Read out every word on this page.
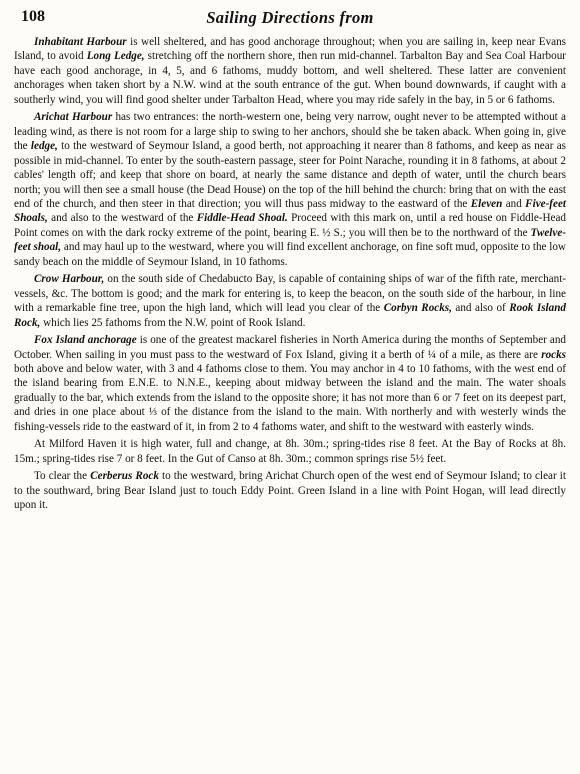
108	Sailing Directions from

Inhabitant Harbour is well sheltered, and has good anchorage throughout; when you are sailing in, keep near Evans Island, to avoid Long Ledge, stretching off the northern shore, then run mid-channel. Tarbalton Bay and Sea Coal Harbour have each good anchorage, in 4, 5, and 6 fathoms, muddy bottom, and well sheltered. These latter are convenient anchorages when taken short by a N.W. wind at the south entrance of the gut. When bound downwards, if caught with a southerly wind, you will find good shelter under Tarbalton Head, where you may ride safely in the bay, in 5 or 6 fathoms.

Arichat Harbour has two entrances: the north-western one, being very narrow, ought never to be attempted without a leading wind, as there is not room for a large ship to swing to her anchors, should she be taken aback. When going in, give the ledge, to the westward of Seymour Island, a good berth, not approaching it nearer than 8 fathoms, and keep as near as possible in mid-channel. To enter by the south-eastern passage, steer for Point Narache, rounding it in 8 fathoms, at about 2 cables' length off; and keep that shore on board, at nearly the same distance and depth of water, until the church bears north; you will then see a small house (the Dead House) on the top of the hill behind the church: bring that on with the east end of the church, and then steer in that direction; you will thus pass midway to the eastward of the Eleven and Five-feet Shoals, and also to the westward of the Fiddle-Head Shoal. Proceed with this mark on, until a red house on Fiddle-Head Point comes on with the dark rocky extreme of the point, bearing E. ½ S.; you will then be to the northward of the Twelve-feet shoal, and may haul up to the westward, where you will find excellent anchorage, on fine soft mud, opposite to the low sandy beach on the middle of Seymour Island, in 10 fathoms.

Crow Harbour, on the south side of Chedabucto Bay, is capable of containing ships of war of the fifth rate, merchant-vessels, &c. The bottom is good; and the mark for entering is, to keep the beacon, on the south side of the harbour, in line with a remarkable fine tree, upon the high land, which will lead you clear of the Corbyn Rocks, and also of Rook Island Rock, which lies 25 fathoms from the N.W. point of Rook Island.

Fox Island anchorage is one of the greatest mackarel fisheries in North America during the months of September and October. When sailing in you must pass to the westward of Fox Island, giving it a berth of ¼ of a mile, as there are rocks both above and below water, with 3 and 4 fathoms close to them. You may anchor in 4 to 10 fathoms, with the west end of the island bearing from E.N.E. to N.N.E., keeping about midway between the island and the main. The water shoals gradually to the bar, which extends from the island to the opposite shore; it has not more than 6 or 7 feet on its deepest part, and dries in one place about ⅓ of the distance from the island to the main. With northerly and with westerly winds the fishing-vessels ride to the eastward of it, in from 2 to 4 fathoms water, and shift to the westward with easterly winds.

At Milford Haven it is high water, full and change, at 8h. 30m.; spring-tides rise 8 feet. At the Bay of Rocks at 8h. 15m.; spring-tides rise 7 or 8 feet. In the Gut of Canso at 8h. 30m.; common springs rise 5½ feet.

To clear the Cerberus Rock to the westward, bring Arichat Church open of the west end of Seymour Island; to clear it to the southward, bring Bear Island just to touch Eddy Point. Green Island in a line with Point Hogan, will lead directly upon it.
